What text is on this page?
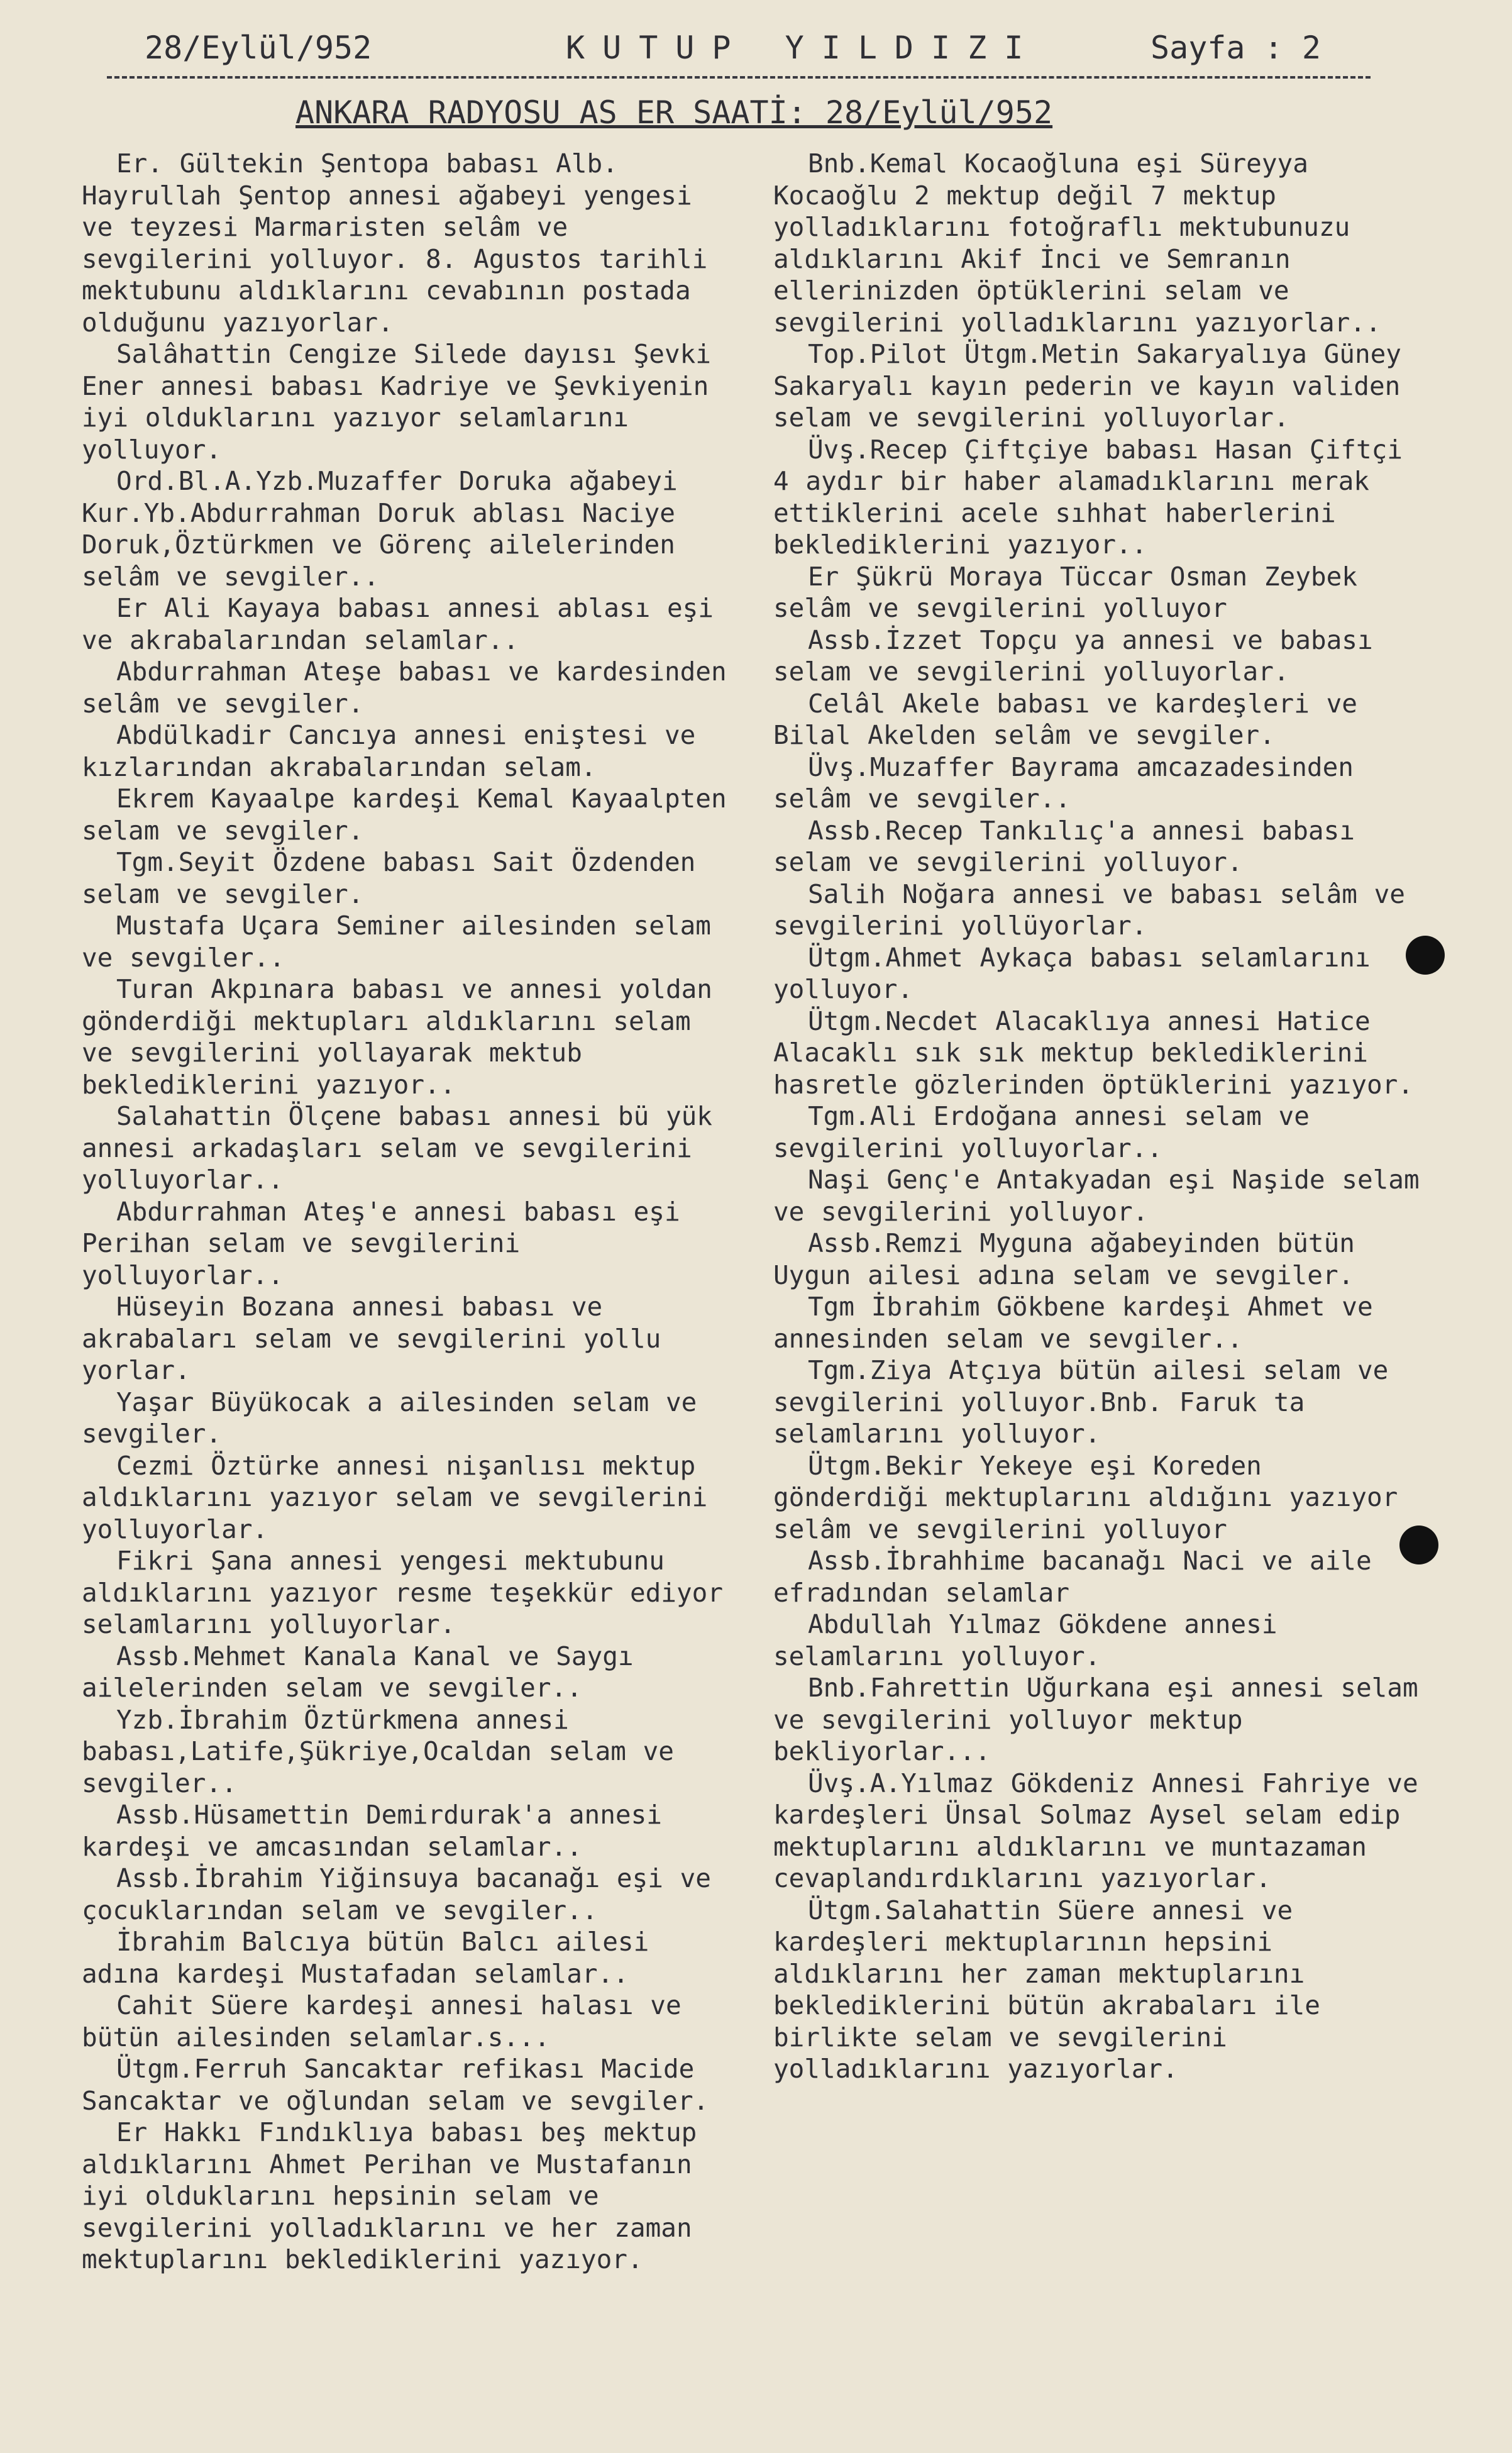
28/Eylül/952	KUTUP YILDIZI	Sayfa : 2
ANKARA RADYOSU AS ER SAATİ: 28/Eylül/952

Er. Gültekin Şentopa babası Alb. Hayrullah Şentop annesi ağabeyi yengesi ve teyzesi Marmaristen selâm ve sevgilerini yolluyor. 8. Agustos tarihli mektubunu aldıklarını cevabının postada olduğunu yazıyorlar.

Salâhattin Cengize Silede dayısı Şevki Ener annesi babası Kadriye ve Şevkiyenin iyi olduklarını yazıyor selamlarını yolluyor.

Ord.Bl.A.Yzb.Muzaffer Doruka ağabeyi Kur.Yb.Abdurrahman Doruk ablası Naciye Doruk,Öztürkmen ve Görenç ailelerinden selâm ve sevgiler..

Er Ali Kayaya babası annesi ablası eşi ve akrabalarından selamlar..

Abdurrahman Ateşe babası ve kardesinden selâm ve sevgiler.

Abdülkadir Cancıya annesi eniştesi ve kızlarından akrabalarından selam.

Ekrem Kayaalpe kardeşi Kemal Kayaalpten selam ve sevgiler.

Tgm.Seyit Özdene babası Sait Özdenden selam ve sevgiler.

Mustafa Uçara Seminer ailesinden selam ve sevgiler..

Turan Akpınara babası ve annesi yoldan gönderdiği mektupları aldıklarını selam ve sevgilerini yollayarak mektub beklediklerini yazıyor..

Salahattin Ölçene babası annesi bü yük annesi arkadaşları selam ve sevgilerini yolluyorlar..

Abdurrahman Ateş'e annesi babası eşi Perihan selam ve sevgilerini yolluyorlar..

Hüseyin Bozana annesi babası ve akrabaları selam ve sevgilerini yollu yorlar.

Yaşar Büyükocak a ailesinden selam ve sevgiler.

Cezmi Öztürke annesi nişanlısı mektup aldıklarını yazıyor selam ve sevgilerini yolluyorlar.

Fikri Şana annesi yengesi mektubunu aldıklarını yazıyor resme teşekkür ediyor selamlarını yolluyorlar.

Assb.Mehmet Kanala Kanal ve Saygı ailelerinden selam ve sevgiler..

Yzb.İbrahim Öztürkmena annesi babası,Latife,Şükriye,Ocaldan selam ve sevgiler..

Assb.Hüsamettin Demirdurak'a annesi kardeşi ve amcasından selamlar..

Assb.İbrahim Yiğinsuya bacanağı eşi ve çocuklarından selam ve sevgiler..

İbrahim Balcıya bütün Balcı ailesi adına kardeşi Mustafadan selamlar..

Cahit Süere kardeşi annesi halası ve bütün ailesinden selamlar.s...

Ütgm.Ferruh Sancaktar refikası Macide Sancaktar ve oğlundan selam ve sevgiler.

Er Hakkı Fındıklıya babası beş mektup aldıklarını Ahmet Perihan ve Mustafanın iyi olduklarını hepsinin selam ve sevgilerini yolladıklarını ve her zaman mektuplarını beklediklerini yazıyor.

Bnb.Kemal Kocaoğluna eşi Süreyya Kocaoğlu 2 mektup değil 7 mektup yolladıklarını fotoğraflı mektubunuzu aldıklarını Akif İnci ve Semranın ellerinizden öptüklerini selam ve sevgilerini yolladıklarını yazıyorlar..

Top.Pilot Ütgm.Metin Sakaryalıya Güney Sakaryalı kayın pederin ve kayın validen selam ve sevgilerini yolluyorlar.

Üvş.Recep Çiftçiye babası Hasan Çiftçi 4 aydır bir haber alamadıklarını merak ettiklerini acele sıhhat haberlerini beklediklerini yazıyor..

Er Şükrü Moraya Tüccar Osman Zeybek selâm ve sevgilerini yolluyor

Assb.İzzet Topçu ya annesi ve babası selam ve sevgilerini yolluyorlar.

Celâl Akele babası ve kardeşleri ve Bilal Akelden selâm ve sevgiler.

Üvş.Muzaffer Bayrama amcazadesinden selâm ve sevgiler..

Assb.Recep Tankılıç'a annesi babası selam ve sevgilerini yolluyor.

Salih Noğara annesi ve babası selâm ve sevgilerini yollüyorlar.

Ütgm.Ahmet Aykaça babası selamlarını yolluyor.

Ütgm.Necdet Alacaklıya annesi Hatice Alacaklı sık sık mektup beklediklerini hasretle gözlerinden öptüklerini yazıyor.

Tgm.Ali Erdoğana annesi selam ve sevgilerini yolluyorlar..

Naşi Genç'e Antakyadan eşi Naşide selam ve sevgilerini yolluyor.

Assb.Remzi Myguna ağabeyinden bütün Uygun ailesi adına selam ve sevgiler.

Tgm İbrahim Gökbene kardeşi Ahmet ve annesinden selam ve sevgiler..

Tgm.Ziya Atçıya bütün ailesi selam ve sevgilerini yolluyor.Bnb. Faruk ta selamlarını yolluyor.

Ütgm.Bekir Yekeye eşi Koreden gönderdiği mektuplarını aldığını yazıyor selâm ve sevgilerini yolluyor

Assb.İbrahhime bacanağı Naci ve aile efradından selamlar

Abdullah Yılmaz Gökdene annesi selamlarını yolluyor.

Bnb.Fahrettin Uğurkana eşi annesi selam ve sevgilerini yolluyor mektup bekliyorlar...

Üvş.A.Yılmaz Gökdeniz Annesi Fahriye ve kardeşleri Ünsal Solmaz Aysel selam edip mektuplarını aldıklarını ve muntazaman cevaplandırdıklarını yazıyorlar.

Ütgm.Salahattin Süere annesi ve kardeşleri mektuplarının hepsini aldıklarını her zaman mektuplarını beklediklerini bütün akrabaları ile birlikte selam ve sevgilerini yolladıklarını yazıyorlar.
